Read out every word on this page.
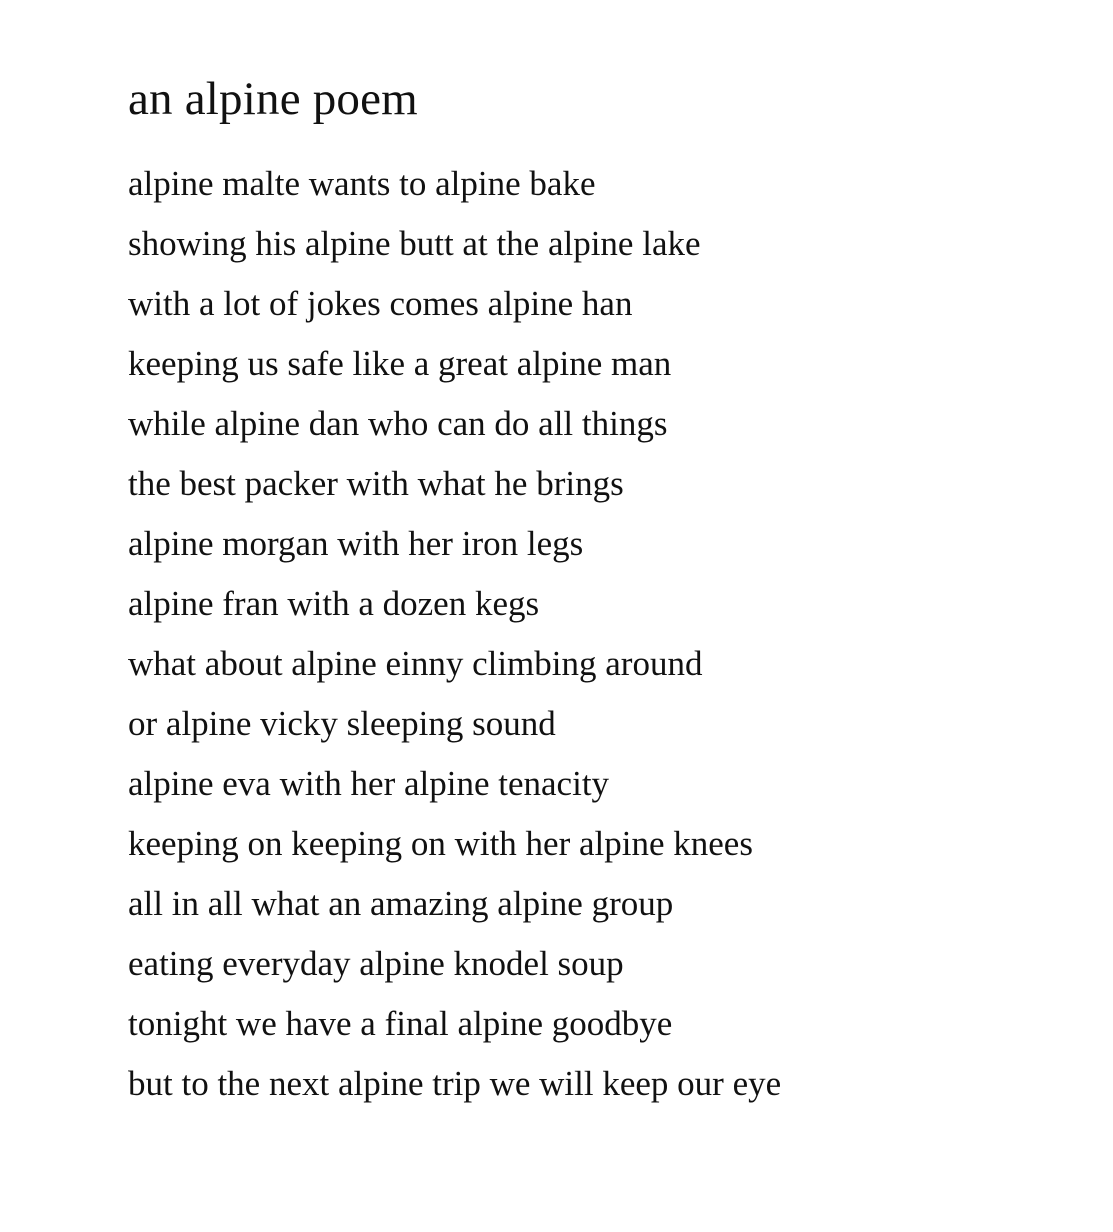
an alpine poem
alpine malte wants to alpine bake
showing his alpine butt at the alpine lake
with a lot of jokes comes alpine han
keeping us safe like a great alpine man
while alpine dan who can do all things
the best packer with what he brings
alpine morgan with her iron legs
alpine fran with a dozen kegs
what about alpine einny climbing around
or alpine vicky sleeping sound
alpine eva with her alpine tenacity
keeping on keeping on with her alpine knees
all in all what an amazing alpine group
eating everyday alpine knodel soup
tonight we have a final alpine goodbye
but to the next alpine trip we will keep our eye
